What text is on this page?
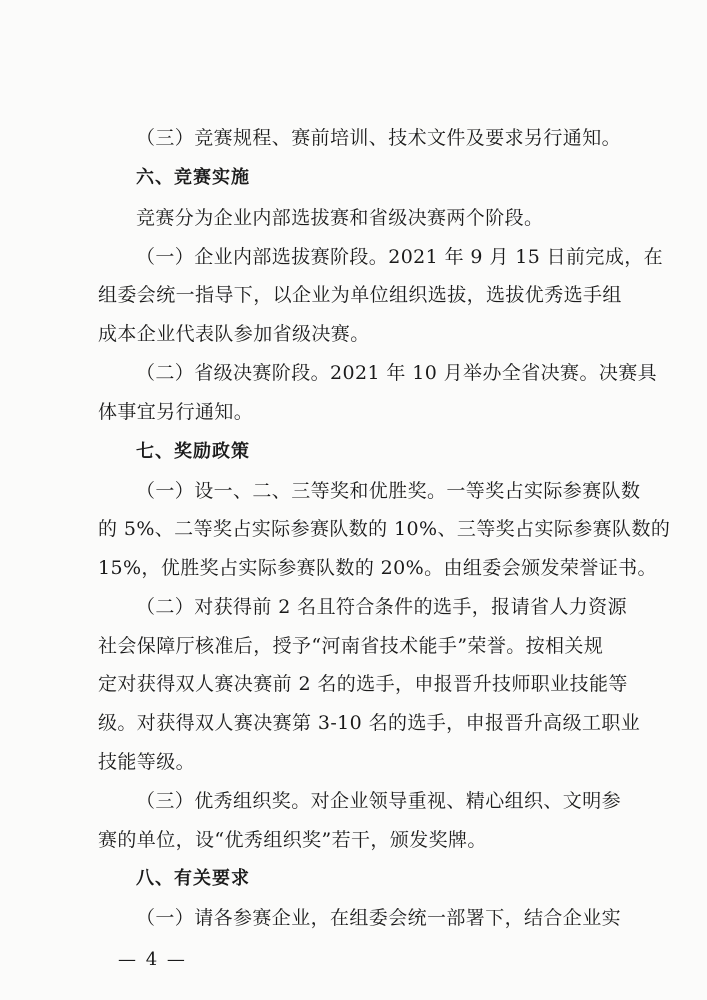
（三）竞赛规程、赛前培训、技术文件及要求另行通知。
六、竞赛实施
竞赛分为企业内部选拔赛和省级决赛两个阶段。
（一）企业内部选拔赛阶段。2021 年 9 月 15 日前完成，在
组委会统一指导下，以企业为单位组织选拔，选拔优秀选手组
成本企业代表队参加省级决赛。
（二）省级决赛阶段。2021 年 10 月举办全省决赛。决赛具
体事宜另行通知。
七、奖励政策
（一）设一、二、三等奖和优胜奖。一等奖占实际参赛队数
的 5%、二等奖占实际参赛队数的 10%、三等奖占实际参赛队数的
15%，优胜奖占实际参赛队数的 20%。由组委会颁发荣誉证书。
（二）对获得前 2 名且符合条件的选手，报请省人力资源
社会保障厅核准后，授予“河南省技术能手”荣誉。按相关规
定对获得双人赛决赛前 2 名的选手，申报晋升技师职业技能等
级。对获得双人赛决赛第 3-10 名的选手，申报晋升高级工职业
技能等级。
（三）优秀组织奖。对企业领导重视、精心组织、文明参
赛的单位，设“优秀组织奖”若干，颁发奖牌。
八、有关要求
（一）请各参赛企业，在组委会统一部署下，结合企业实
— 4 —
